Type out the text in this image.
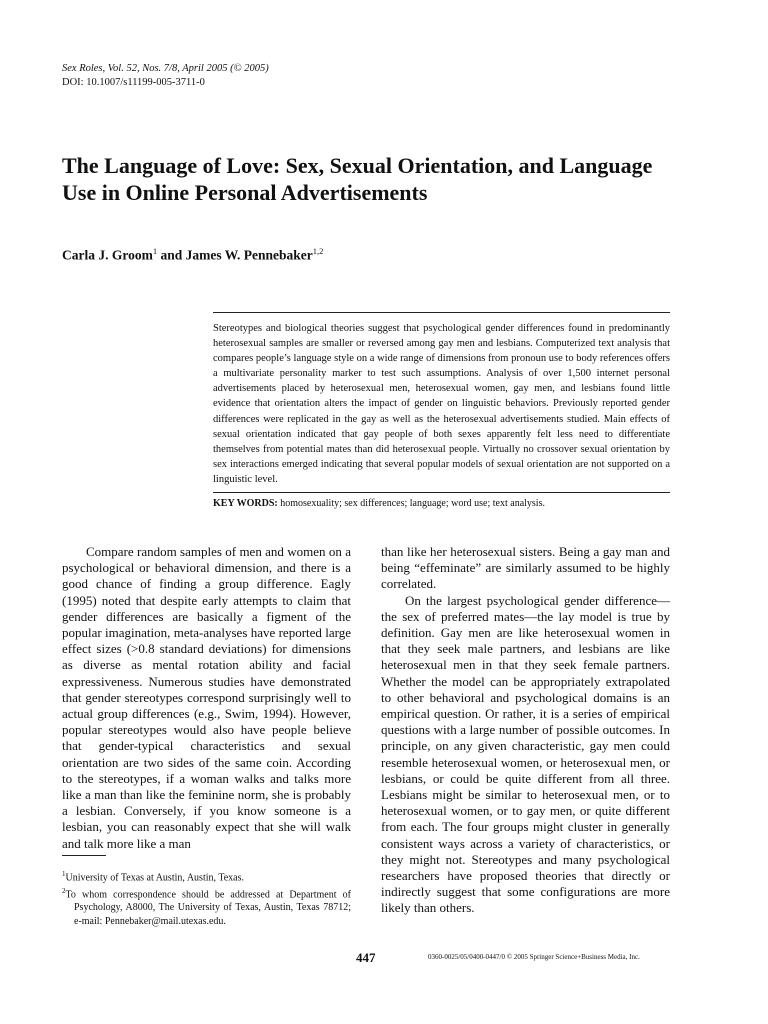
Sex Roles, Vol. 52, Nos. 7/8, April 2005 (© 2005)
DOI: 10.1007/s11199-005-3711-0
The Language of Love: Sex, Sexual Orientation, and Language Use in Online Personal Advertisements
Carla J. Groom$^1$ and James W. Pennebaker$^{1,2}$

Stereotypes and biological theories suggest that psychological gender differences found in predominantly heterosexual samples are smaller or reversed among gay men and lesbians. Computerized text analysis that compares people’s language style on a wide range of dimensions from pronoun use to body references offers a multivariate personality marker to test such assumptions. Analysis of over 1,500 internet personal advertisements placed by heterosexual men, heterosexual women, gay men, and lesbians found little evidence that orientation alters the impact of gender on linguistic behaviors. Previously reported gender differences were replicated in the gay as well as the heterosexual advertisements studied. Main effects of sexual orientation indicated that gay people of both sexes apparently felt less need to differentiate themselves from potential mates than did heterosexual people. Virtually no crossover sexual orientation by sex interactions emerged indicating that several popular models of sexual orientation are not supported on a linguistic level.

KEY WORDS: homosexuality; sex differences; language; word use; text analysis.

Compare random samples of men and women on a psychological or behavioral dimension, and there is a good chance of finding a group difference. Eagly (1995) noted that despite early attempts to claim that gender differences are basically a figment of the popular imagination, meta-analyses have reported large effect sizes (>0.8 standard deviations) for dimensions as diverse as mental rotation ability and facial expressiveness. Numerous studies have demonstrated that gender stereotypes correspond surprisingly well to actual group differences (e.g., Swim, 1994). However, popular stereotypes would also have people believe that gender-typical characteristics and sexual orientation are two sides of the same coin. According to the stereotypes, if a woman walks and talks more like a man than like the feminine norm, she is probably a lesbian. Conversely, if you know someone is a lesbian, you can reasonably expect that she will walk and talk more like a man

than like her heterosexual sisters. Being a gay man and being “effeminate” are similarly assumed to be highly correlated.

On the largest psychological gender difference—the sex of preferred mates—the lay model is true by definition. Gay men are like heterosexual women in that they seek male partners, and lesbians are like heterosexual men in that they seek female partners. Whether the model can be appropriately extrapolated to other behavioral and psychological domains is an empirical question. Or rather, it is a series of empirical questions with a large number of possible outcomes. In principle, on any given characteristic, gay men could resemble heterosexual women, or heterosexual men, or lesbians, or could be quite different from all three. Lesbians might be similar to heterosexual men, or to heterosexual women, or to gay men, or quite different from each. The four groups might cluster in generally consistent ways across a variety of characteristics, or they might not. Stereotypes and many psychological researchers have proposed theories that directly or indirectly suggest that some configurations are more likely than others.

$^1$University of Texas at Austin, Austin, Texas.

$^2$To whom correspondence should be addressed at Department of Psychology, A8000, The University of Texas, Austin, Texas 78712; e-mail: Pennebaker@mail.utexas.edu.

447	0360-0025/05/0400-0447/0 © 2005 Springer Science+Business Media, Inc.
